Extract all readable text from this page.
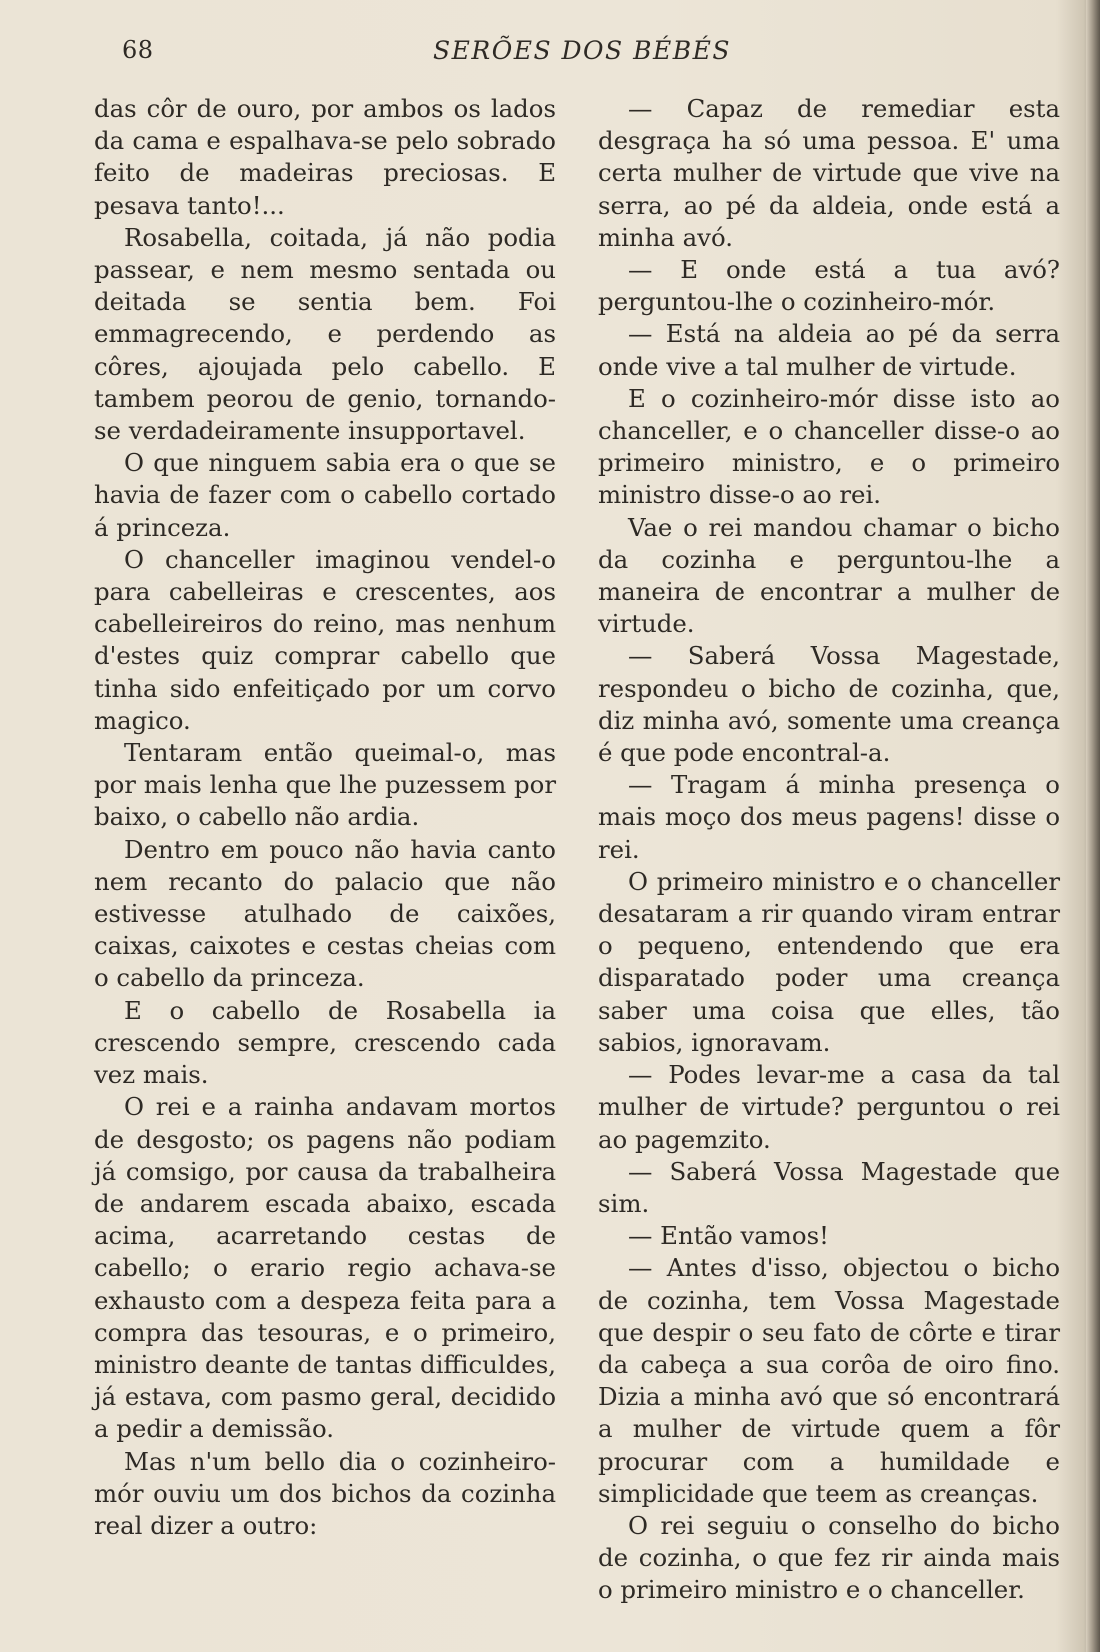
68	SERÕES DOS BÉBÉS

das côr de ouro, por ambos os lados da cama e espalhava-se pelo sobrado feito de madeiras preciosas. E pesava tanto!...

Rosabella, coitada, já não podia passear, e nem mesmo sentada ou deitada se sentia bem. Foi emmagrecendo, e perdendo as côres, ajoujada pelo cabello. E tambem peorou de genio, tornando-se verdadeiramente insupportavel.

O que ninguem sabia era o que se havia de fazer com o cabello cortado á princeza.

O chanceller imaginou vendel-o para cabelleiras e crescentes, aos cabelleireiros do reino, mas nenhum d'estes quiz comprar cabello que tinha sido enfeitiçado por um corvo magico.

Tentaram então queimal-o, mas por mais lenha que lhe puzessem por baixo, o cabello não ardia.

Dentro em pouco não havia canto nem recanto do palacio que não estivesse atulhado de caixões, caixas, caixotes e cestas cheias com o cabello da princeza.

E o cabello de Rosabella ia crescendo sempre, crescendo cada vez mais.

O rei e a rainha andavam mortos de desgosto; os pagens não podiam já comsigo, por causa da trabalheira de andarem escada abaixo, escada acima, acarretando cestas de cabello; o erario regio achava-se exhausto com a despeza feita para a compra das tesouras, e o primeiro, ministro deante de tantas difficuldes, já estava, com pasmo geral, decidido a pedir a demissão.

Mas n'um bello dia o cozinheiro-mór ouviu um dos bichos da cozinha real dizer a outro:

— Capaz de remediar esta desgraça ha só uma pessoa. E' uma certa mulher de virtude que vive na serra, ao pé da aldeia, onde está a minha avó.

— E onde está a tua avó? perguntou-lhe o cozinheiro-mór.

— Está na aldeia ao pé da serra onde vive a tal mulher de virtude.

E o cozinheiro-mór disse isto ao chanceller, e o chanceller disse-o ao primeiro ministro, e o primeiro ministro disse-o ao rei.

Vae o rei mandou chamar o bicho da cozinha e perguntou-lhe a maneira de encontrar a mulher de virtude.

— Saberá Vossa Magestade, respondeu o bicho de cozinha, que, diz minha avó, somente uma creança é que pode encontral-a.

— Tragam á minha presença o mais moço dos meus pagens! disse o rei.

O primeiro ministro e o chanceller desataram a rir quando viram entrar o pequeno, entendendo que era disparatado poder uma creança saber uma coisa que elles, tão sabios, ignoravam.

— Podes levar-me a casa da tal mulher de virtude? perguntou o rei ao pagemzito.

— Saberá Vossa Magestade que sim.

— Então vamos!

— Antes d'isso, objectou o bicho de cozinha, tem Vossa Magestade que despir o seu fato de côrte e tirar da cabeça a sua corôa de oiro fino. Dizia a minha avó que só encontrará a mulher de virtude quem a fôr procurar com a humildade e simplicidade que teem as creanças.

O rei seguiu o conselho do bicho de cozinha, o que fez rir ainda mais o primeiro ministro e o chanceller.
